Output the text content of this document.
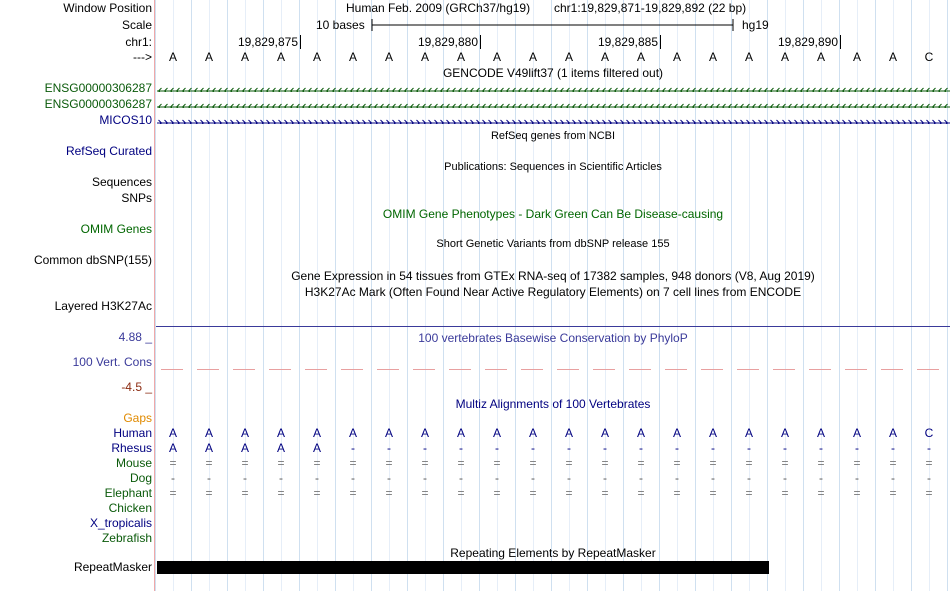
Window Position	Human Feb. 2009 (GRCh37/hg19) chr1:19,829,871-19,829,892 (22 bp)
Scale	10 bases	hg19
chr1:	19,829,875	19,829,880	19,829,885	19,829,890
--->	A	A	A	A	A	A	A	A	A	A	A	A	A	A	A	A	A	A	A	A	A	C
GENCODE V49lift37 (1 items filtered out)
ENSG00000306287
ENSG00000306287
MICOS10
RefSeq genes from NCBI
RefSeq Curated
Publications: Sequences in Scientific Articles
Sequences
SNPs
OMIM Gene Phenotypes - Dark Green Can Be Disease-causing
OMIM Genes
Short Genetic Variants from dbSNP release 155
Common dbSNP(155)
Gene Expression in 54 tissues from GTEx RNA-seq of 17382 samples, 948 donors (V8, Aug 2019)
H3K27Ac Mark (Often Found Near Active Regulatory Elements) on 7 cell lines from ENCODE
Layered H3K27Ac
100 vertebrates Basewise Conservation by PhyloP
4.88 _
100 Vert. Cons
-4.5 _
Gaps
Multiz Alignments of 100 Vertebrates
Human	A	A	A	A	A	A	A	A	A	A	A	A	A	A	A	A	A	A	A	A	A	C
Rhesus	A	A	A	A	A	-	-	-	-	-	-	-	-	-	-	-	-	-	-	-	-	-
Mouse	=	=	=	=	=	=	=	=	=	=	=	=	=	=	=	=	=	=	=	=	=	=
Dog	-	-	-	-	-	-	-	-	-	-	-	-	-	-	-	-	-	-	-	-	-	-
Elephant	=	=	=	=	=	=	=	=	=	=	=	=	=	=	=	=	=	=	=	=	=	=
Chicken
X_tropicalis
Zebrafish
Repeating Elements by RepeatMasker
RepeatMasker
